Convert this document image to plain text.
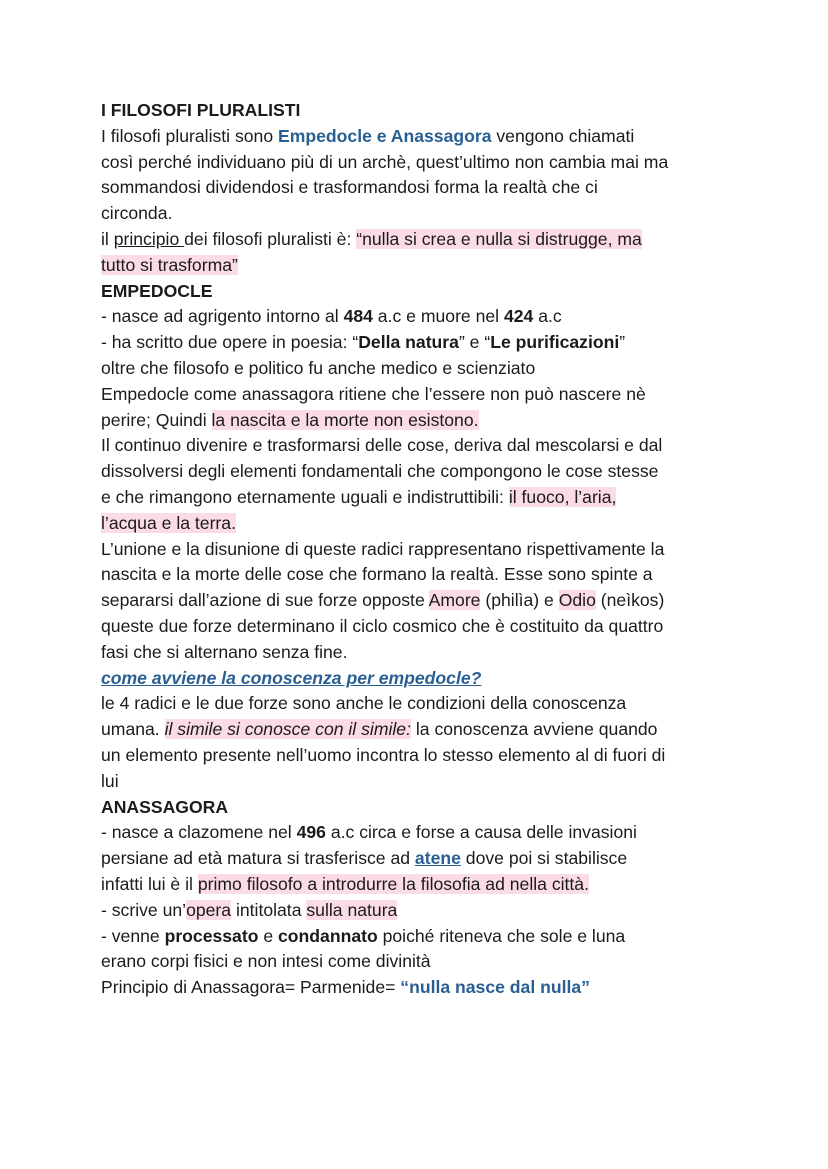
I FILOSOFI PLURALISTI
I filosofi pluralisti sono Empedocle e Anassagora vengono chiamati
così perché individuano più di un archè, quest’ultimo non cambia mai ma
sommandosi dividendosi e trasformandosi forma la realtà che ci
circonda.
il principio dei filosofi pluralisti è: “nulla si crea e nulla si distrugge, ma
tutto si trasforma”
EMPEDOCLE
- nasce ad agrigento intorno al 484 a.c e muore nel 424 a.c
- ha scritto due opere in poesia: “Della natura” e “Le purificazioni”
oltre che filosofo e politico fu anche medico e scienziato
Empedocle come anassagora ritiene che l’essere non può nascere nè
perire; Quindi la nascita e la morte non esistono.
Il continuo divenire e trasformarsi delle cose, deriva dal mescolarsi e dal
dissolversi degli elementi fondamentali che compongono le cose stesse
e che rimangono eternamente uguali e indistruttibili: il fuoco, l’aria,
l’acqua e la terra.
L’unione e la disunione di queste radici rappresentano rispettivamente la
nascita e la morte delle cose che formano la realtà. Esse sono spinte a
separarsi dall’azione di sue forze opposte Amore (philìa) e Odio (neìkos)
queste due forze determinano il ciclo cosmico che è costituito da quattro
fasi che si alternano senza fine.
come avviene la conoscenza per empedocle?
le 4 radici e le due forze sono anche le condizioni della conoscenza
umana. il simile si conosce con il simile: la conoscenza avviene quando
un elemento presente nell’uomo incontra lo stesso elemento al di fuori di
lui
ANASSAGORA
- nasce a clazomene nel 496 a.c circa e forse a causa delle invasioni
persiane ad età matura si trasferisce ad atene dove poi si stabilisce
infatti lui è il primo filosofo a introdurre la filosofia ad nella città.
- scrive un’opera intitolata sulla natura
- venne processato e condannato poiché riteneva che sole e luna
erano corpi fisici e non intesi come divinità
Principio di Anassagora= Parmenide= “nulla nasce dal nulla”
